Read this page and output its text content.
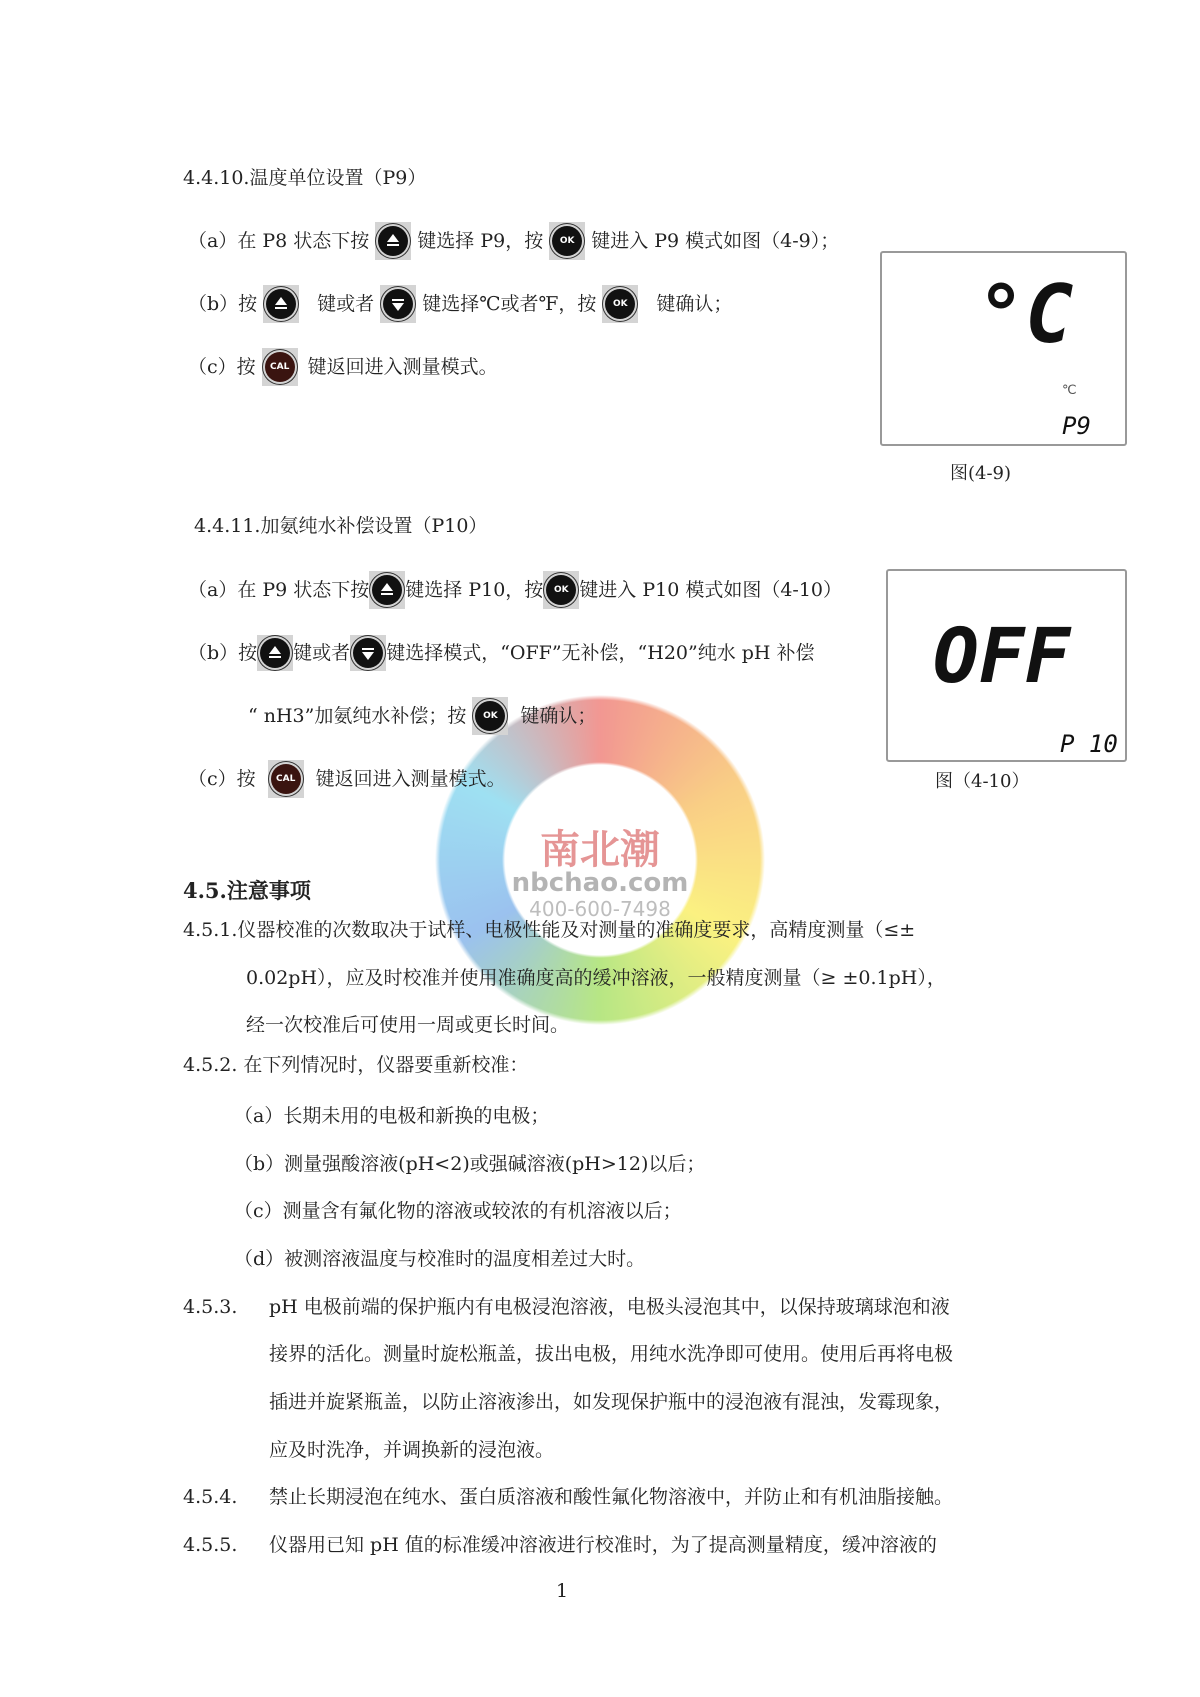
南北潮
nbchao.com
400-600-7498
4.4.10.温度单位设置（P9）
（a）在 P8 状态下按	键选择 P9，按	OK 键进入 P9 模式如图（4-9）；
（b）按	键或者	键选择℃或者℉，按	OK	键确认；
（c）按	CAL 键返回进入测量模式。
°C
℃
P9
图(4-9)
4.4.11.加氨纯水补偿设置（P10）
（a）在 P9 状态下按 键选择 P10，按	OK 键进入 P10 模式如图（4-10）
（b）按 键或者 键选择模式，“OFF”无补偿，“H20”纯水 pH 补偿
“ nH3”加氨纯水补偿；按	OK	键确认；
（c）按	CAL 键返回进入测量模式。
OFF
P 10
图（4-10）
4.5.注意事项
4.5.1.仪器校准的次数取决于试样、电极性能及对测量的准确度要求，高精度测量（≤±
0.02pH），应及时校准并使用准确度高的缓冲溶液，一般精度测量（≥ ±0.1pH），
经一次校准后可使用一周或更长时间。
4.5.2. 在下列情况时，仪器要重新校准：
（a）长期未用的电极和新换的电极；
（b）测量强酸溶液(pH<2)或强碱溶液(pH>12)以后；
（c）测量含有氟化物的溶液或较浓的有机溶液以后；
（d）被测溶液温度与校准时的温度相差过大时。
4.5.3. pH 电极前端的保护瓶内有电极浸泡溶液，电极头浸泡其中，以保持玻璃球泡和液
接界的活化。测量时旋松瓶盖，拔出电极，用纯水洗净即可使用。使用后再将电极
插进并旋紧瓶盖，以防止溶液渗出，如发现保护瓶中的浸泡液有混浊，发霉现象，
应及时洗净，并调换新的浸泡液。
4.5.4. 禁止长期浸泡在纯水、蛋白质溶液和酸性氟化物溶液中，并防止和有机油脂接触。
4.5.5. 仪器用已知 pH 值的标准缓冲溶液进行校准时，为了提高测量精度，缓冲溶液的
1
